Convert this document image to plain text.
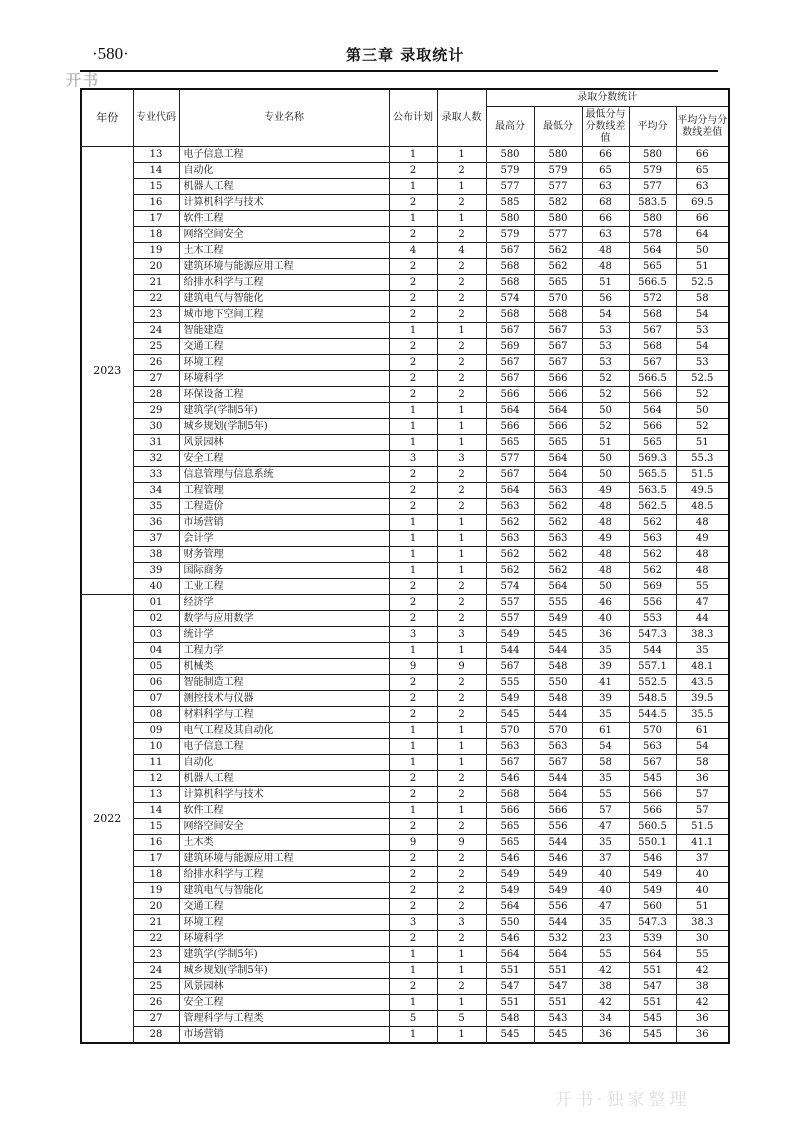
·580·	第三章 录取统计
开书
年份	专业代码	专业名称	公布计划	录取人数	录取分数统计				
					最高分	最低分	最低分与分数线差值	平均分	平均分与分数线差值
2023	13	电子信息工程	1	1	580	580	66	580	66
	14	自动化	2	2	579	579	65	579	65
	15	机器人工程	1	1	577	577	63	577	63
	16	计算机科学与技术	2	2	585	582	68	583.5	69.5
	17	软件工程	1	1	580	580	66	580	66
	18	网络空间安全	2	2	579	577	63	578	64
	19	土木工程	4	4	567	562	48	564	50
	20	建筑环境与能源应用工程	2	2	568	562	48	565	51
	21	给排水科学与工程	2	2	568	565	51	566.5	52.5
	22	建筑电气与智能化	2	2	574	570	56	572	58
	23	城市地下空间工程	2	2	568	568	54	568	54
	24	智能建造	1	1	567	567	53	567	53
	25	交通工程	2	2	569	567	53	568	54
	26	环境工程	2	2	567	567	53	567	53
	27	环境科学	2	2	567	566	52	566.5	52.5
	28	环保设备工程	2	2	566	566	52	566	52
	29	建筑学(学制5年)	1	1	564	564	50	564	50
	30	城乡规划(学制5年)	1	1	566	566	52	566	52
	31	风景园林	1	1	565	565	51	565	51
	32	安全工程	3	3	577	564	50	569.3	55.3
	33	信息管理与信息系统	2	2	567	564	50	565.5	51.5
	34	工程管理	2	2	564	563	49	563.5	49.5
	35	工程造价	2	2	563	562	48	562.5	48.5
	36	市场营销	1	1	562	562	48	562	48
	37	会计学	1	1	563	563	49	563	49
	38	财务管理	1	1	562	562	48	562	48
	39	国际商务	1	1	562	562	48	562	48
	40	工业工程	2	2	574	564	50	569	55
2022	01	经济学	2	2	557	555	46	556	47
	02	数学与应用数学	2	2	557	549	40	553	44
	03	统计学	3	3	549	545	36	547.3	38.3
	04	工程力学	1	1	544	544	35	544	35
	05	机械类	9	9	567	548	39	557.1	48.1
	06	智能制造工程	2	2	555	550	41	552.5	43.5
	07	测控技术与仪器	2	2	549	548	39	548.5	39.5
	08	材料科学与工程	2	2	545	544	35	544.5	35.5
	09	电气工程及其自动化	1	1	570	570	61	570	61
	10	电子信息工程	1	1	563	563	54	563	54
	11	自动化	1	1	567	567	58	567	58
	12	机器人工程	2	2	546	544	35	545	36
	13	计算机科学与技术	2	2	568	564	55	566	57
	14	软件工程	1	1	566	566	57	566	57
	15	网络空间安全	2	2	565	556	47	560.5	51.5
	16	土木类	9	9	565	544	35	550.1	41.1
	17	建筑环境与能源应用工程	2	2	546	546	37	546	37
	18	给排水科学与工程	2	2	549	549	40	549	40
	19	建筑电气与智能化	2	2	549	549	40	549	40
	20	交通工程	2	2	564	556	47	560	51
	21	环境工程	3	3	550	544	35	547.3	38.3
	22	环境科学	2	2	546	532	23	539	30
	23	建筑学(学制5年)	1	1	564	564	55	564	55
	24	城乡规划(学制5年)	1	1	551	551	42	551	42
	25	风景园林	2	2	547	547	38	547	38
	26	安全工程	1	1	551	551	42	551	42
	27	管理科学与工程类	5	5	548	543	34	545	36
	28	市场营销	1	1	545	545	36	545	36
开书·独家整理
